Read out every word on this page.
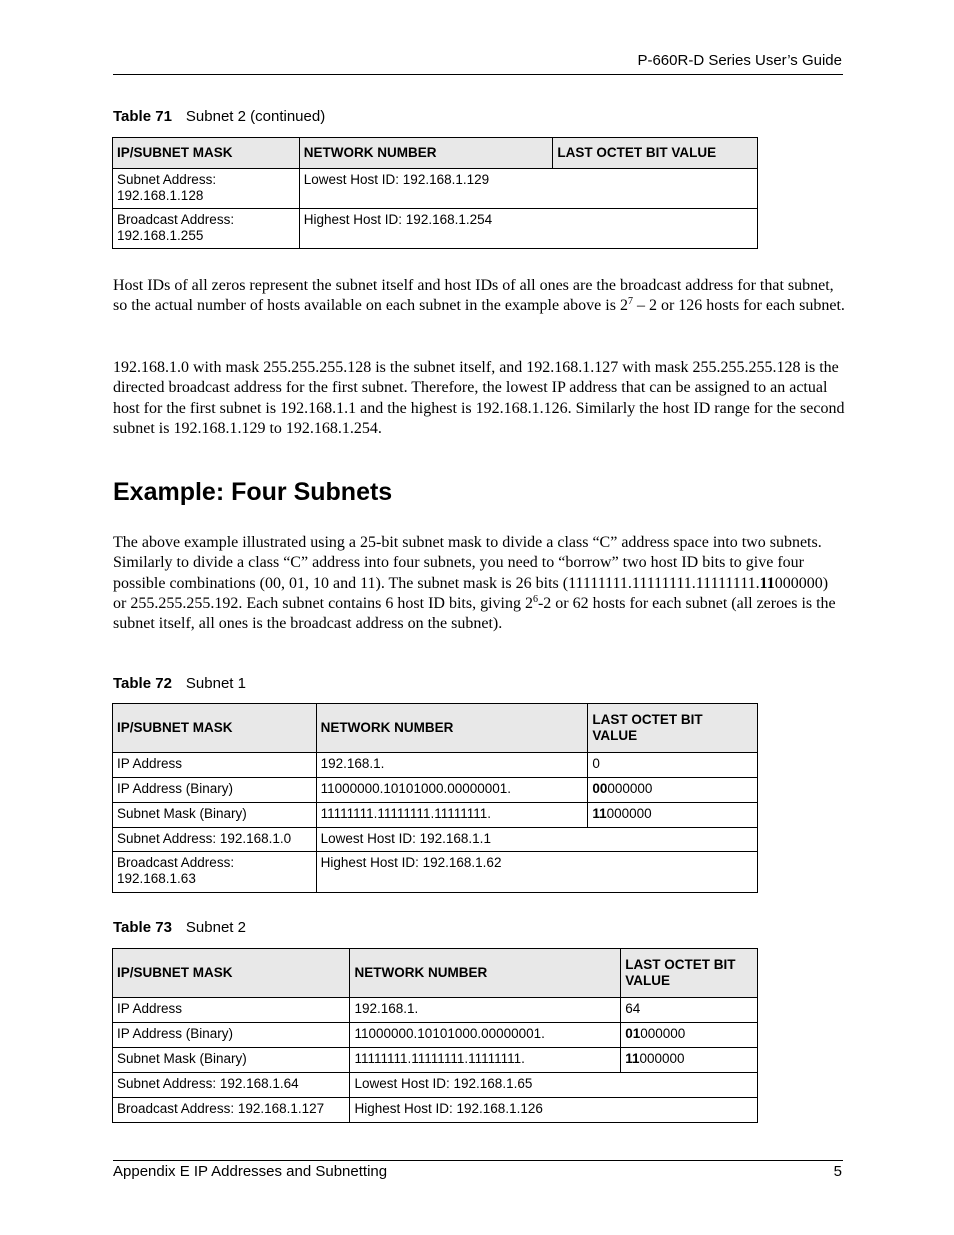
P-660R-D Series User’s Guide
Table 71 Subnet 2 (continued)
IP/SUBNET MASK	NETWORK NUMBER	LAST OCTET BIT VALUE
Subnet Address:
192.168.1.128	Lowest Host ID: 192.168.1.129	
Broadcast Address:
192.168.1.255	Highest Host ID: 192.168.1.254	
Host IDs of all zeros represent the subnet itself and host IDs of all ones are the broadcast address for that subnet, so the actual number of hosts available on each subnet in the example above is $2^7 - 2$ or 126 hosts for each subnet.
192.168.1.0 with mask 255.255.255.128 is the subnet itself, and 192.168.1.127 with mask 255.255.255.128 is the directed broadcast address for the first subnet. Therefore, the lowest IP address that can be assigned to an actual host for the first subnet is 192.168.1.1 and the highest is 192.168.1.126. Similarly the host ID range for the second subnet is 192.168.1.129 to 192.168.1.254.
Example: Four Subnets
The above example illustrated using a 25-bit subnet mask to divide a class “C” address space into two subnets. Similarly to divide a class “C” address into four subnets, you need to “borrow” two host ID bits to give four possible combinations (00, 01, 10 and 11). The subnet mask is 26 bits (11111111.11111111.11111111.11000000) or 255.255.255.192. Each subnet contains 6 host ID bits, giving $2^6-2$ or 62 hosts for each subnet (all zeroes is the subnet itself, all ones is the broadcast address on the subnet).
Table 72 Subnet 1
IP/SUBNET MASK	NETWORK NUMBER	LAST OCTET BIT
VALUE
IP Address	192.168.1.	0
IP Address (Binary)	11000000.10101000.00000001.	00000000
Subnet Mask (Binary)	11111111.11111111.11111111.	11000000
Subnet Address: 192.168.1.0	Lowest Host ID: 192.168.1.1	
Broadcast Address:
192.168.1.63	Highest Host ID: 192.168.1.62	
Table 73 Subnet 2
IP/SUBNET MASK	NETWORK NUMBER	LAST OCTET BIT
VALUE
IP Address	192.168.1.	64
IP Address (Binary)	11000000.10101000.00000001.	01000000
Subnet Mask (Binary)	11111111.11111111.11111111.	11000000
Subnet Address: 192.168.1.64	Lowest Host ID: 192.168.1.65	
Broadcast Address: 192.168.1.127	Highest Host ID: 192.168.1.126	
Appendix E IP Addresses and Subnetting	5
